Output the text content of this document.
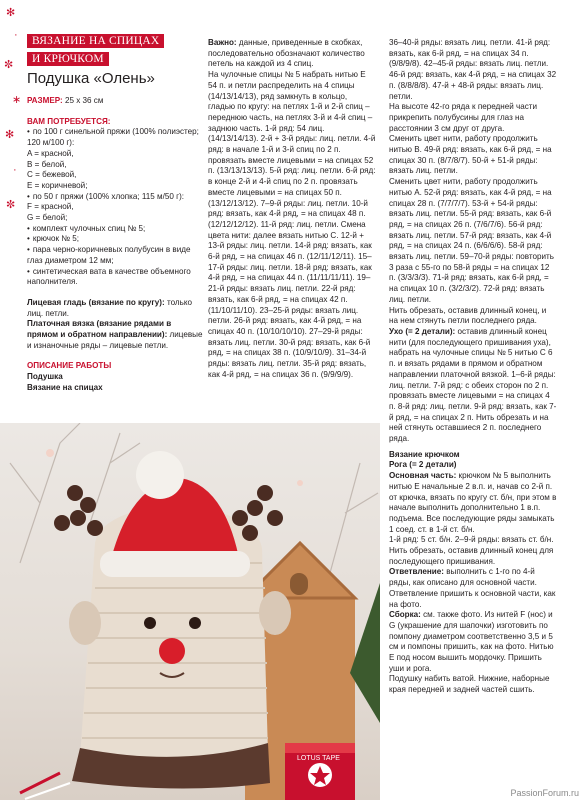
✻
·
✼
∗
✻
·
✼
ВЯЗАНИЕ НА СПИЦАХ
И КРЮЧКОМ
Подушка «Олень»

РАЗМЕР: 25 х 36 см

ВАМ ПОТРЕБУЕТСЯ:

• по 100 г синельной пряжи (100% полиэстер; 120 м/100 г):

A = красной,

B = белой,

C = бежевой,

E = коричневой;

• по 50 г пряжи (100% хлопка; 115 м/50 г):

F = красной,

G = белой;

• комплект чулочных спиц № 5;

• крючок № 5;

• пара черно-коричневых полубусин в виде глаз диаметром 12 мм;

• синтетическая вата в качестве объемного наполнителя.

Лицевая гладь (вязание по кругу): только лиц. петли.

Платочная вязка (вязание рядами в прямом и обратном направлении): лицевые и изнаночные ряды – лицевые петли.

ОПИСАНИЕ РАБОТЫ

Подушка

Вязание на спицах

Важно: данные, приведенные в скобках, последовательно обозначают количество петель на каждой из 4 спиц.

На чулочные спицы № 5 набрать нитью E 54 п. и петли распределить на 4 спицы (14/13/14/13), ряд замкнуть в кольцо, гладью по кругу: на петлях 1-й и 2-й спиц – переднюю часть, на петлях 3-й и 4-й спиц – заднюю часть. 1-й ряд: 54 лиц. (14/13/14/13). 2-й + 3-й ряды: лиц. петли. 4-й ряд: в начале 1-й и 3-й спиц по 2 п. провязать вместе лицевыми = на спицах 52 п. (13/13/13/13). 5-й ряд: лиц. петли. 6-й ряд: в конце 2-й и 4-й спиц по 2 п. провязать вместе лицевыми = на спицах 50 п. (13/12/13/12). 7–9-й ряды: лиц. петли. 10-й ряд: вязать, как 4-й ряд, = на спицах 48 п. (12/12/12/12). 11-й ряд: лиц. петли. Смена цвета нити: далее вязать нитью C. 12-й + 13-й ряды: лиц. петли. 14-й ряд: вязать, как 6-й ряд, = на спицах 46 п. (12/11/12/11). 15–17-й ряды: лиц. петли. 18-й ряд: вязать, как 4-й ряд, = на спицах 44 п. (11/11/11/11). 19–21-й ряды: вязать лиц. петли. 22-й ряд: вязать, как 6-й ряд, = на спицах 42 п. (11/10/11/10). 23–25-й ряды: вязать лиц. петли. 26-й ряд: вязать, как 4-й ряд, = на спицах 40 п. (10/10/10/10). 27–29-й ряды: вязать лиц. петли. 30-й ряд: вязать, как 6-й ряд, = на спицах 38 п. (10/9/10/9). 31–34-й ряды: вязать лиц. петли. 35-й ряд: вязать, как 4-й ряд, = на спицах 36 п. (9/9/9/9).

36–40-й ряды: вязать лиц. петли. 41-й ряд: вязать, как 6-й ряд, = на спицах 34 п. (9/8/9/8). 42–45-й ряды: вязать лиц. петли. 46-й ряд: вязать, как 4-й ряд, = на спицах 32 п. (8/8/8/8). 47-й + 48-й ряды: вязать лиц. петли.

На высоте 42-го ряда к передней части прикрепить полубусины для глаз на расстоянии 3 см друг от друга.

Сменить цвет нити, работу продолжить нитью B. 49-й ряд: вязать, как 6-й ряд, = на спицах 30 п. (8/7/8/7). 50-й + 51-й ряды: вязать лиц. петли.

Сменить цвет нити, работу продолжить нитью A. 52-й ряд: вязать, как 4-й ряд, = на спицах 28 п. (7/7/7/7). 53-й + 54-й ряды: вязать лиц. петли. 55-й ряд: вязать, как 6-й ряд, = на спицах 26 п. (7/6/7/6). 56-й ряд: вязать лиц. петли. 57-й ряд: вязать, как 4-й ряд, = на спицах 24 п. (6/6/6/6). 58-й ряд: вязать лиц. петли. 59–70-й ряды: повторить 3 раза с 55-го по 58-й ряды = на спицах 12 п. (3/3/3/3). 71-й ряд: вязать, как 6-й ряд, = на спицах 10 п. (3/2/3/2). 72-й ряд: вязать лиц. петли.

Нить обрезать, оставив длинный конец, и на нем стянуть петли последнего ряда.

Ухо (= 2 детали): оставив длинный конец нити (для последующего пришивания уха), набрать на чулочные спицы № 5 нитью C 6 п. и вязать рядами в прямом и обратном направлении платочной вязкой. 1–6-й ряды: лиц. петли. 7-й ряд: с обеих сторон по 2 п. провязать вместе лицевыми = на спицах 4 п. 8-й ряд: лиц. петли. 9-й ряд: вязать, как 7-й ряд, = на спицах 2 п. Нить обрезать и на ней стянуть оставшиеся 2 п. последнего ряда.

Вязание крючком

Рога (= 2 детали)

Основная часть: крючком № 5 выполнить нитью E начальные 2 в.п. и, начав со 2-й п. от крючка, вязать по кругу ст. б/н, при этом в начале выполнить дополнительно 1 в.п. подъема. Все последующие ряды замыкать 1 соед. ст. в 1-й ст. б/н.

1-й ряд: 5 ст. б/н. 2–9-й ряды: вязать ст. б/н. Нить обрезать, оставив длинный конец для последующего пришивания.

Ответвление: выполнить с 1-го по 4-й ряды, как описано для основной части. Ответвление пришить к основной части, как на фото.

Сборка: см. также фото. Из нитей F (нос) и G (украшение для шапочки) изготовить по помпону диаметром соответственно 3,5 и 5 см и помпоны пришить, как на фото. Нитью E под носом вышить мордочку. Пришить уши и рога.

Подушку набить ватой. Нижние, наборные края передней и задней частей сшить.

LOTUS TAPE
PassionForum.ru
